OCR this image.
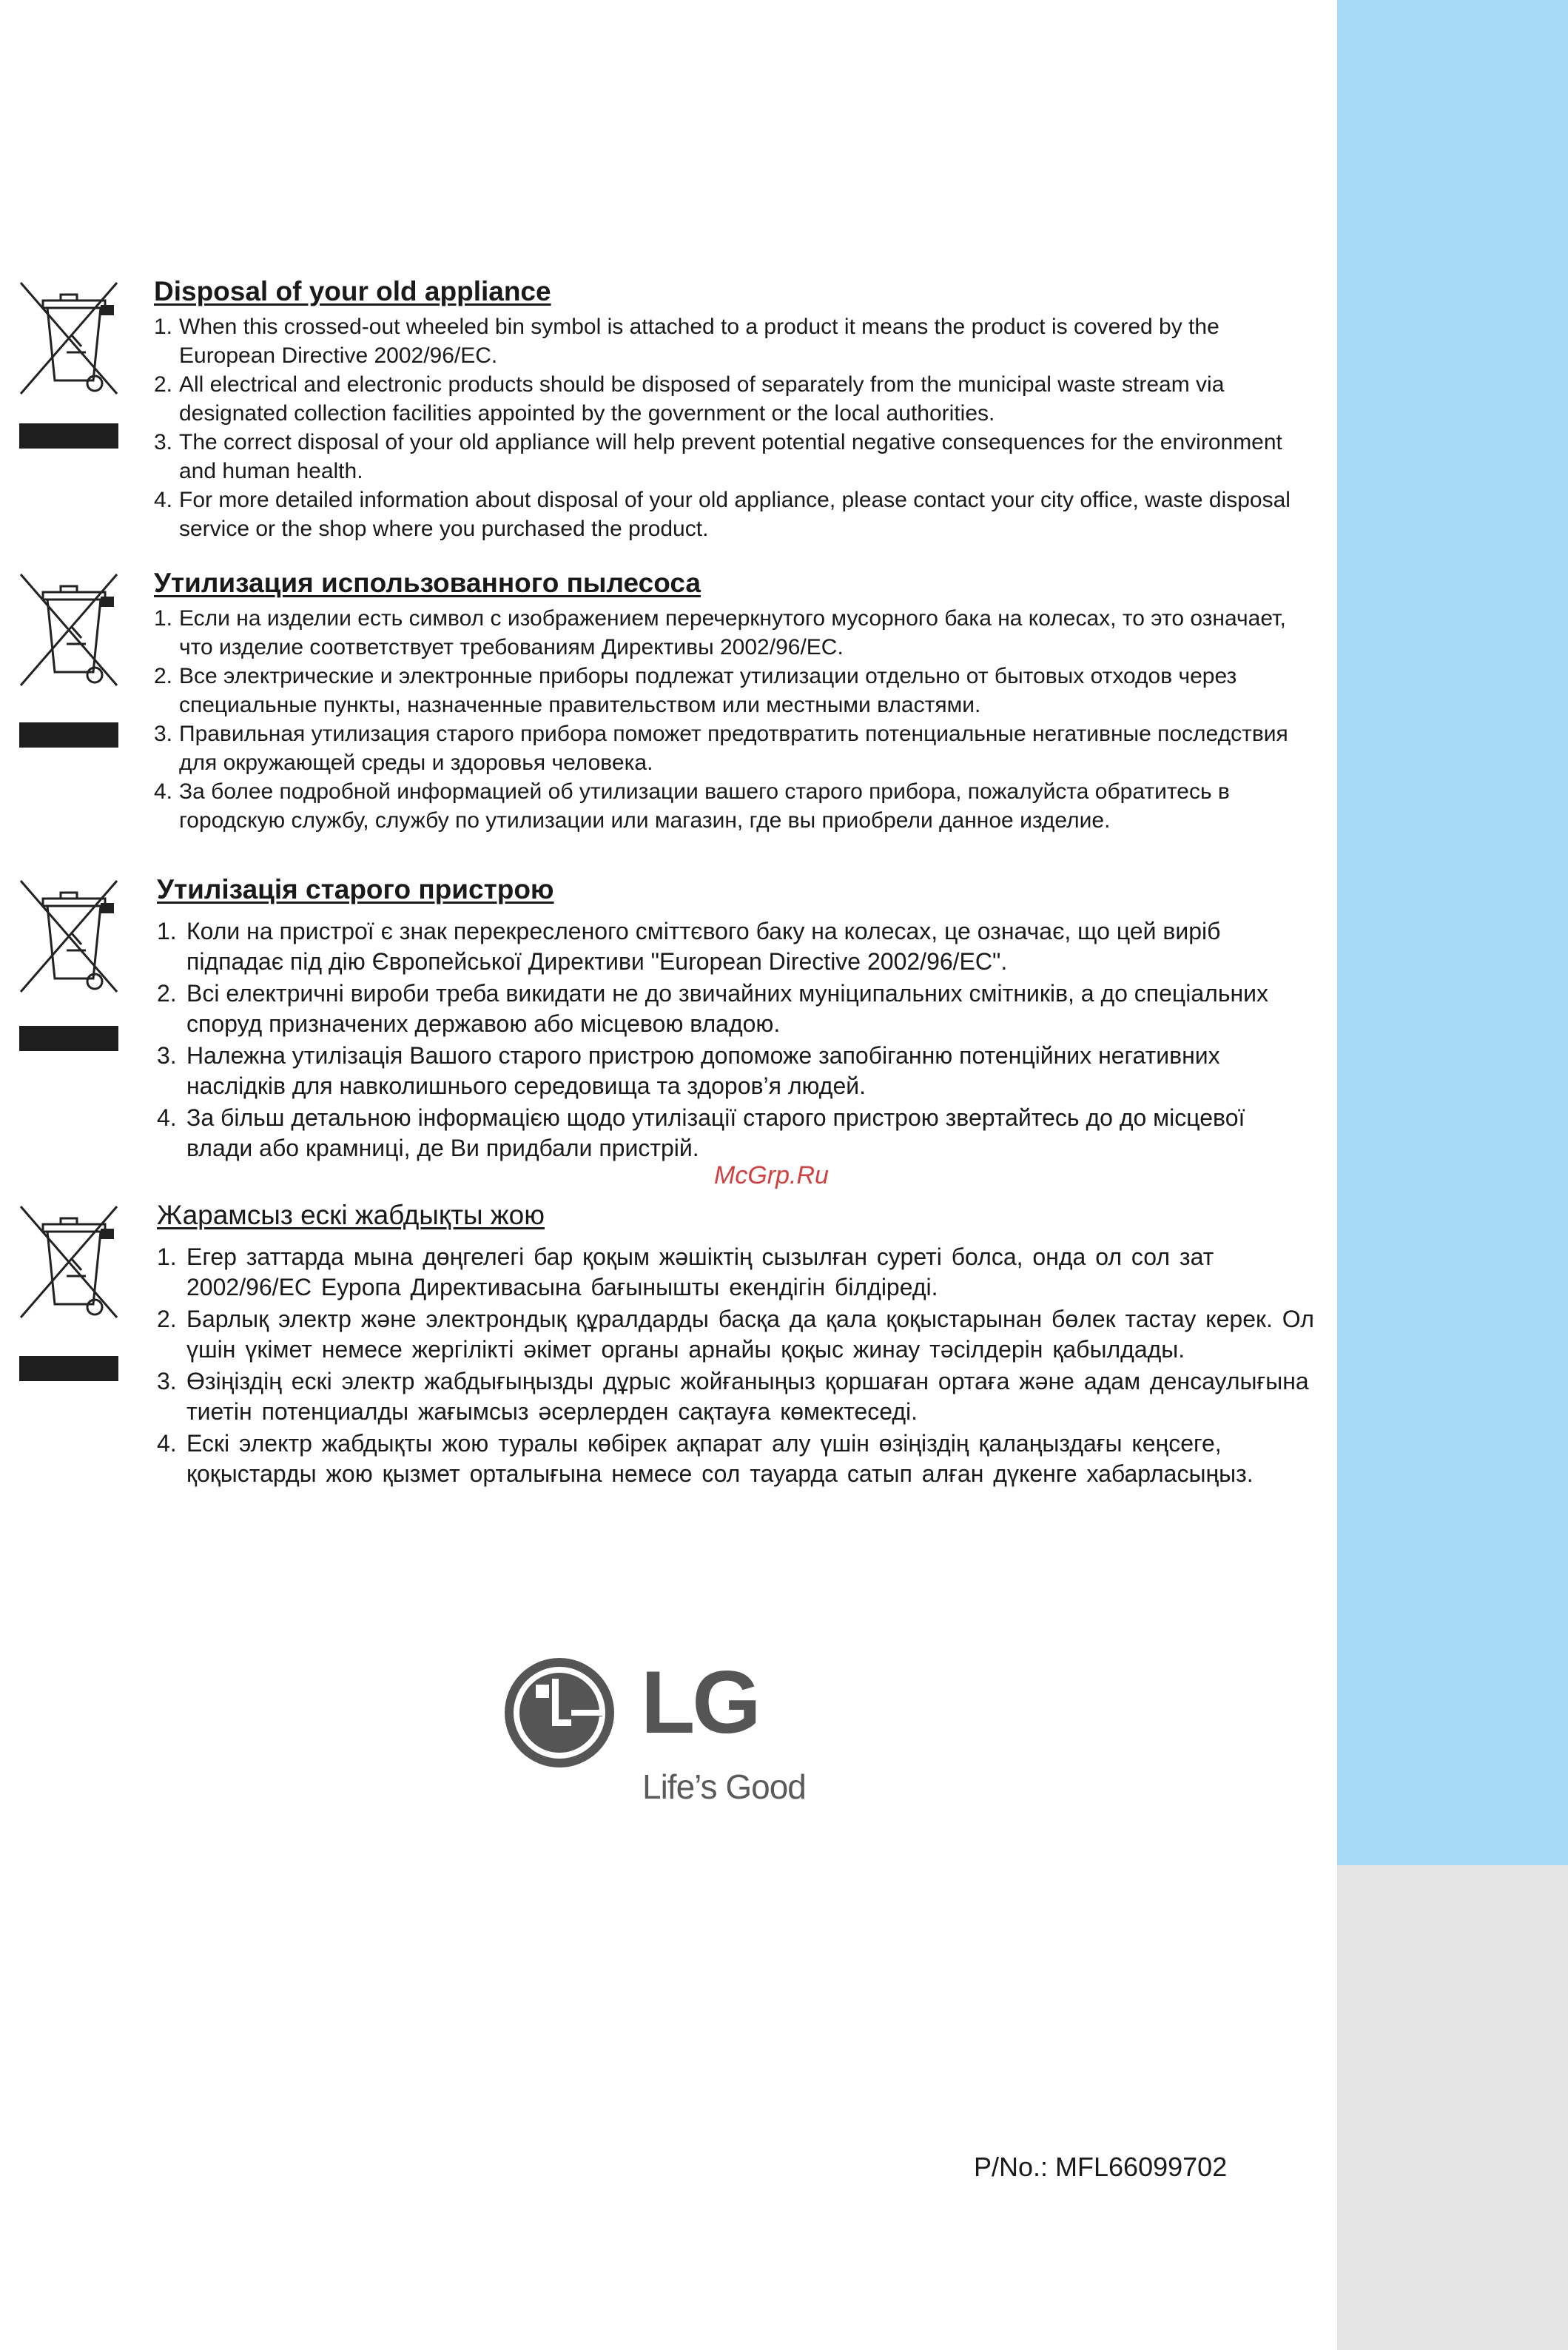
Disposal of your old appliance
1. When this crossed-out wheeled bin symbol is attached to a product it means the product is covered by the European Directive 2002/96/EC.
2. All electrical and electronic products should be disposed of separately from the municipal waste stream via designated collection facilities appointed by the government or the local authorities.
3. The correct disposal of your old appliance will help prevent potential negative consequences for the environment and human health.
4. For more detailed information about disposal of your old appliance, please contact your city office, waste disposal service or the shop where you purchased the product.
Утилизация использованного пылесоса
1. Если на изделии есть символ с изображением перечеркнутого мусорного бака на колесах, то это означает, что изделие соответствует требованиям Директивы 2002/96/ЕС.
2. Все электрические и электронные приборы подлежат утилизации отдельно от бытовых отходов через специальные пункты, назначенные правительством или местными властями.
3. Правильная утилизация старого прибора поможет предотвратить потенциальные негативные последствия для окружающей среды и здоровья человека.
4. За более подробной информацией об утилизации вашего старого прибора, пожалуйста обратитесь в городскую службу, службу по утилизации или магазин, где вы приобрели данное изделие.
Утилізація старого пристрою
1. Коли на пристрої є знак перекресленого сміттєвого баку на колесах, це означає, що цей виріб підпадає під дію Європейської Директиви "European Directive 2002/96/EC".
2. Всі електричні вироби треба викидати не до звичайних муніципальних смітників, а до спеціальних споруд призначених державою або місцевою владою.
3. Належна утилізація Вашого старого пристрою допоможе запобіганню потенційних негативних наслідків для навколишнього середовища та здоров’я людей.
4. За більш детальною інформацією щодо утилізації старого пристрою звертайтесь до до місцевої влади або крамниці, де Ви придбали пристрій.
McGrp.Ru
Жарамсыз ескі жабдықты жою
1. Егер заттарда мына дөңгелегі бар қоқым жәшіктің сызылған суреті болса, онда ол сол зат 2002/96/EC Еуропа Директивасына бағынышты екендігін білдіреді.
2. Барлық электр және электрондық құралдарды басқа да қала қоқыстарынан бөлек тастау керек. Ол үшін үкімет немесе жергілікті әкімет органы арнайы қоқыс жинау тәсілдерін қабылдады.
3. Өзіңіздің ескі электр жабдығыңызды дұрыс жойғаныңыз қоршаған ортаға және адам денсаулығына тиетін потенциалды жағымсыз әсерлерден сақтауға көмектеседі.
4. Ескі электр жабдықты жою туралы көбірек ақпарат алу үшін өзіңіздің қалаңыздағы кеңсеге, қоқыстарды жою қызмет орталығына немесе сол тауарда сатып алған дүкенге хабарласыңыз.
LG
Life’s Good
P/No.: MFL66099702
